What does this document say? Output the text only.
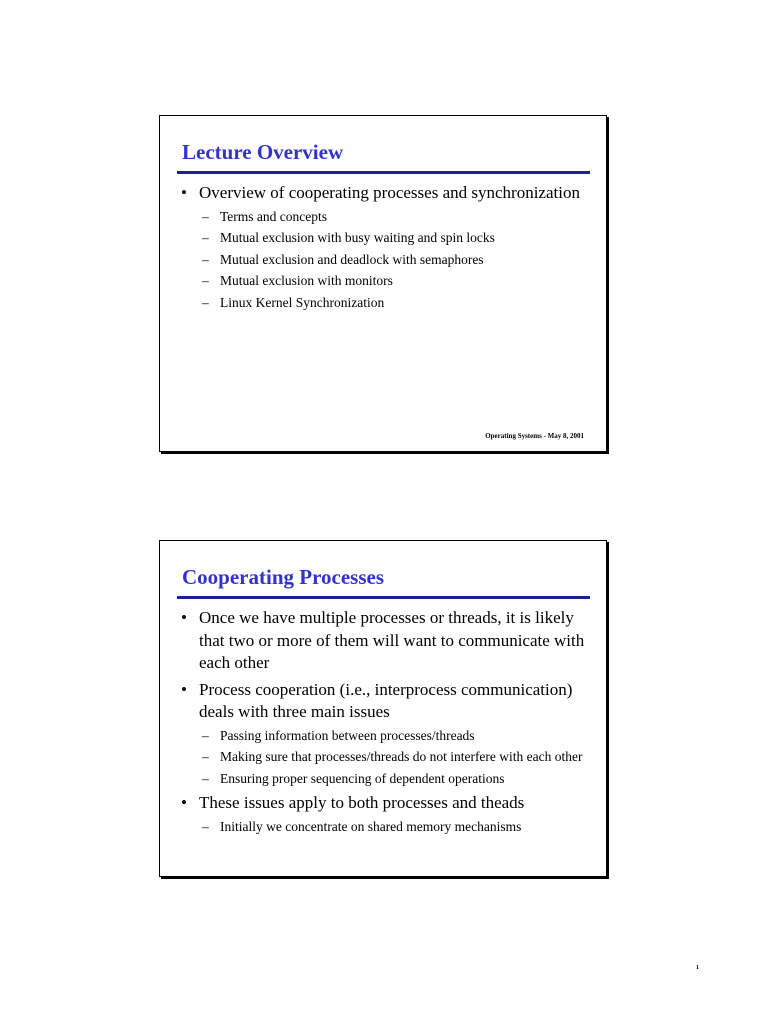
Lecture Overview
• Overview of cooperating processes and synchronization
– Terms and concepts
– Mutual exclusion with busy waiting and spin locks
– Mutual exclusion and deadlock with semaphores
– Mutual exclusion with monitors
– Linux Kernel Synchronization
Operating Systems - May 8, 2001
Cooperating Processes
• Once we have multiple processes or threads, it is likely that two or more of them will want to communicate with each other
• Process cooperation (i.e., interprocess communication) deals with three main issues
– Passing information between processes/threads
– Making sure that processes/threads do not interfere with each other
– Ensuring proper sequencing of dependent operations
• These issues apply to both processes and theads
– Initially we concentrate on shared memory mechanisms
1
